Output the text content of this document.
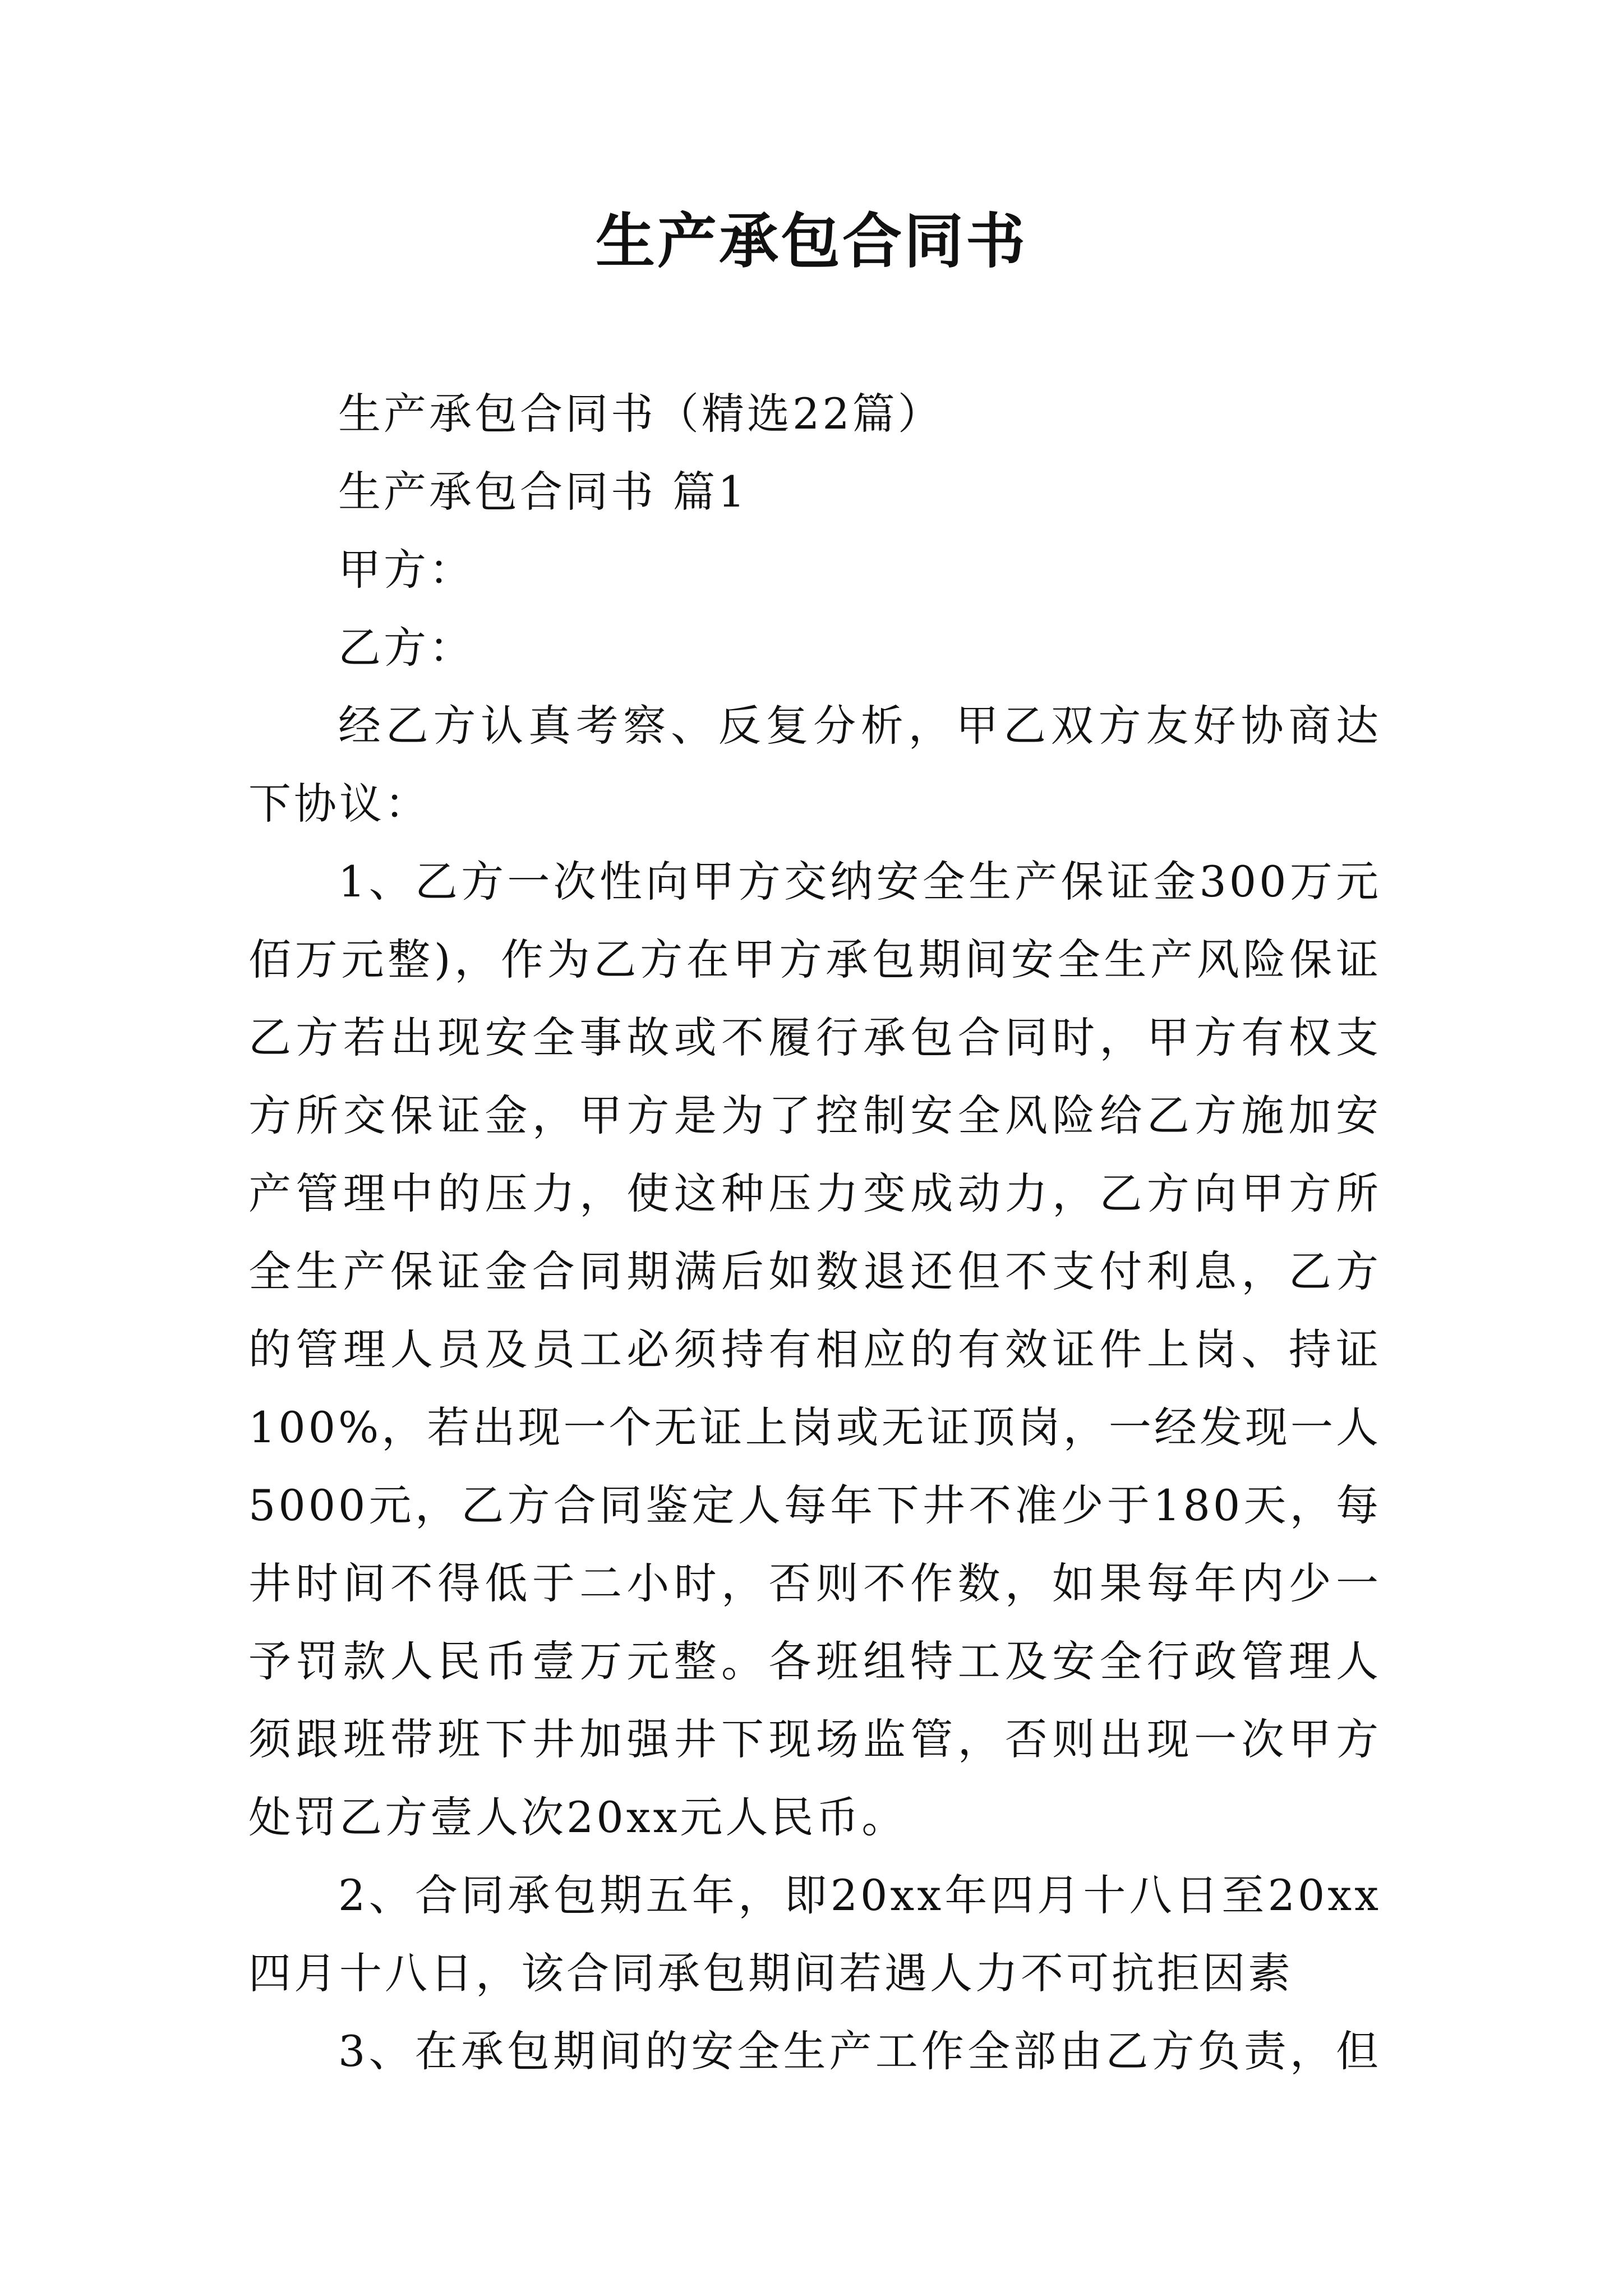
生产承包合同书

生产承包合同书（精选22篇）

生产承包合同书 篇1

甲方：

乙方：

经乙方认真考察、反复分析，甲乙双方友好协商达

下协议：

1、乙方一次性向甲方交纳安全生产保证金300万元

佰万元整)，作为乙方在甲方承包期间安全生产风险保证

乙方若出现安全事故或不履行承包合同时，甲方有权支

方所交保证金，甲方是为了控制安全风险给乙方施加安

产管理中的压力，使这种压力变成动力，乙方向甲方所

全生产保证金合同期满后如数退还但不支付利息，乙方

的管理人员及员工必须持有相应的有效证件上岗、持证

100%，若出现一个无证上岗或无证顶岗，一经发现一人

5000元，乙方合同鉴定人每年下井不准少于180天，每

井时间不得低于二小时，否则不作数，如果每年内少一

予罚款人民币壹万元整。各班组特工及安全行政管理人

须跟班带班下井加强井下现场监管，否则出现一次甲方

处罚乙方壹人次20xx元人民币。

2、合同承包期五年，即20xx年四月十八日至20xx

四月十八日，该合同承包期间若遇人力不可抗拒因素

3、在承包期间的安全生产工作全部由乙方负责，但
